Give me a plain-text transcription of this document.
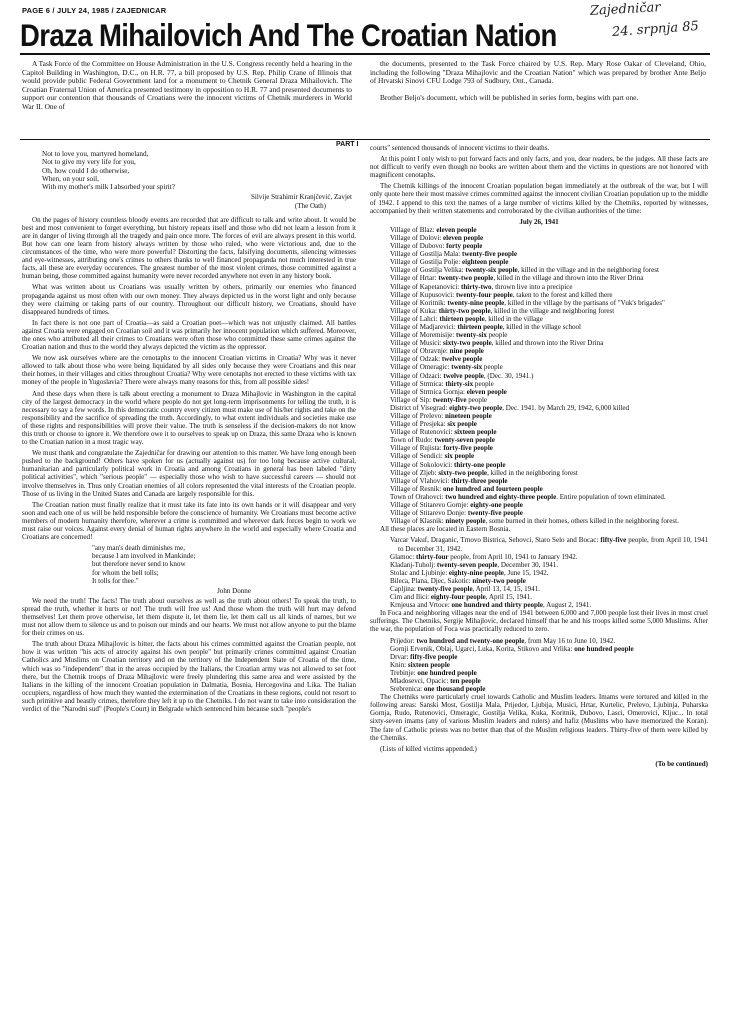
PAGE 6 / JULY 24, 1985 / ZAJEDNICAR	Zajedničar
24. srpnja 85
Draza Mihailovich And The Croatian Nation

A Task Force of the Committee on House Administration in the U.S. Congress recently held a hearing in the Capitol Building in Washington, D.C., on H.R. 77, a bill proposed by U.S. Rep. Philip Crane of Illinois that would provide public Federal Government land for a monument to Chetnik General Draza Mihailovich. The Croatian Fraternal Union of America presented testimony in opposition to H.R. 77 and presented documents to support our contention that thousands of Croatians were the innocent victims of Chetnik murderers in World War II. One of

the documents, presented to the Task Force chaired by U.S. Rep. Mary Rose Oakar of Cleveland, Ohio, including the following "Draza Mihajlovic and the Croatian Nation" which was prepared by brother Ante Beljo of Hrvatski Sinovi CFU Lodge 793 of Sudbury, Ont., Canada.

Brother Beljo's document, which will be published in series form, begins with part one.

PART I
Not to love you, martyred homeland,
Not to give my very life for you,
Oh, how could I do otherwise,
When, on your soil,
With my mother's milk I absorbed your spirit?
Silvije Strahimir Kranjčević, Zavjet
(The Oath)

On the pages of history countless bloody events are recorded that are difficult to talk and write about. It would be best and most convenient to forget everything, but history repeats itself and those who did not learn a lesson from it are in danger of living through all the tragedy and pain once more. The forces of evil are always present in this world. But how can one learn from history always written by those who ruled, who were victorious and, due to the circumstances of the time, who were more powerful? Distorting the facts, falsifying documents, silencing witnesses and eye-witnesses, attributing one's crimes to others thanks to well financed propaganda not much interested in true facts, all these are everyday occurences. The greatest number of the most violent crimes, those committed against a human being, those committed against humanity were never recorded anywhere not even in any history book.

What was written about us Croatians was usually written by others, primarily our enemies who financed propaganda against us most often with our own money. They always depicted us in the worst light and only because they were claiming or taking parts of our country. Throughout our difficult history, we Croatians, should have disappeared hundreds of times.

In fact there is not one part of Croatia—as said a Croatian poet—which was not unjustly claimed. All battles against Croatia were engaged on Croatian soil and it was primarily her innocent population which suffered. Moreover, the ones who attributed all their crimes to Croatians were often those who committed these same crimes against the Croatian nation and thus to the world they always depicted the victim as the oppressor.

We now ask ourselves where are the cenotaphs to the innocent Croatian victims in Croatia? Why was it never allowed to talk about those who were being liquidated by all sides only because they were Croatians and this near their homes, in their villages and cities throughout Croatia? Why were cenotaphs not erected to these victims with tax money of the people in Yugoslavia? There were always many reasons for this, from all possible sides!

And these days when there is talk about erecting a monument to Draza Mihajlovic in Washington in the capital city of the largest democracy in the world where people do not get long-term imprisonments for telling the truth, it is necessary to say a few words. In this democratic country every citizen must make use of his/her rights and take on the responsibility and the sacrifice of spreading the truth. Accordingly, to what extent individuals and societies make use of these rights and responsibilities will prove their value. The truth is senseless if the decision-makers do not know this truth or choose to ignore it. We therefore owe it to ourselves to speak up on Draza, this same Draza who is known to the Croatian nation in a most tragic way.

We must thank and congratulate the Zajedničar for drawing our attention to this matter. We have long enough been pushed to the background! Others have spoken for us (actually against us) for too long because active cultural, humanitarian and particularly political work in Croatia and among Croatians in general has been labeled "dirty political activities", which "serious people" — especially those who wish to have successful careers — should not involve themselves in. Thus only Croatian enemies of all colors represented the vital interests of the Croatian people. Those of us living in the United States and Canada are largely responsible for this.

The Croatian nation must finally realize that it must take its fate into its own hands or it will disappear and very soon and each one of us will be held responsible before the conscience of humanity. We Croatians must become active members of modern humanity therefore, wherever a crime is committed and wherever dark forces begin to work we must raise our voices. Against every denial of human rights anywhere in the world and especially where Croatia and Croatians are concerned!

"any man's death diminishes me,
because I am involved in Mankinde;
but therefore never send to know
for whom the bell tolls;
It tolls for thee."
John Donne

We need the truth! The facts! The truth about ourselves as well as the truth about others! To speak the truth, to spread the truth, whether it hurts or not! The truth will free us! And those whom the truth will hurt may defend themselves! Let them prove otherwise, let them dispute it, let them lie, let them call us all kinds of names, but we must not allow them to silence us and to poison our minds and our hearts. We must not allow anyone to put the blame for their crimes on us.

The truth about Draza Mihajlovic is bitter, the facts about his crimes committed against the Croatian people, not how it was written "his acts of atrocity against his own people" but primarily crimes committed against Croatian Catholics and Muslims on Croatian territory and on the territory of the Independent State of Croatia of the time, which was so "independent" that in the areas occupied by the Italians, the Croatian army was not allowed to set foot there, but the Chetnik troops of Draza Mihajlovic were freely plundering this same area and were assisted by the Italians in the killing of the innocent Croatian population in Dalmatia, Bosnia, Hercegovina and Lika. The Italian occupiers, regardless of how much they wanted the extermination of the Croatians in these regions, could not resort to such primitive and beastly crimes, therefore they left it up to the Chetniks. I do not want to take into consideration the verdict of the "Narodni sud" (People's Court) in Belgrade which sentenced him because such "people's

courts" sentenced thousands of innocent victims to their deaths.

At this point I only wish to put forward facts and only facts, and you, dear readers, be the judges. All these facts are not difficult to verify even though no books are written about them and the victims in questions are not honored with magnificent cenotaphs.

The Chetnik killings of the innocent Croatian population began immediately at the outbreak of the war, but I will only quote here their most massive crimes committed against the innocent civilian Croatian population up to the middle of 1942. I append to this text the names of a large number of victims killed by the Chetniks, reported by witnesses, accompanied by their written statements and corroborated by the civilian authorities of the time:

July 26, 1941
Village of Blaz: eleven people
Village of Dolovi: eleven people
Village of Dubovo: forty people
Village of Gostilja Mala: twenty-five people
Village of Gostilja Polje: eighteen people
Village of Gostilja Velika: twenty-six people, killed in the village and in the neighboring forest
Village of Hrtar: twenty-two people, killed in the village and thrown into the River Drina
Village of Kapetanovici: thirty-two, thrown live into a precipice
Village of Kupusovici: twenty-four people, taken to the forest and killed there
Village of Koritnik: twenty-nine people, killed in the village by the partisans of "Vuk's brigades"
Village of Kuka: thirty-two people, killed in the village and neighboring forest
Village of Lahci: thirteen people, killed in the village
Village of Madjarevici: thirteen people, killed in the village school
Village of Moremisije: twenty-six people
Village of Musici: sixty-two people, killed and thrown into the River Drina
Village of Obravnje: nine people
Village of Odzak: twelve people
Village of Omeragic: twenty-six people
Village of Odzaci: twelve people, (Dec. 30, 1941.)
Village of Strmica: thirty-six people
Village of Strmica Gornja: eleven people
Village of Sip: twenty-five people
District of Visegrad: eighty-two people, Dec. 1941. by March 29, 1942, 6,000 killed
Village of Prelevo: nineteen people
Village of Presjeka: six people
Village of Rutenovici: sixteen people
Town of Rudo: twenty-seven people
Village of Rujista: forty-five people
Village of Sendici: six people
Village of Sokolovici: thirty-one people
Village of Zljeb: sixty-two people, killed in the neighboring forest
Village of Vlahovici: thirty-three people
Village of Resnik: one hundred and fourteen people
Town of Orahovci: two hundred and eighty-three people. Entire population of town eliminated.
Village of Stitarevo Gornje: eighty-one people
Village of Stitarevo Donje: twenty-five people
Village of Klasnik: ninety people, some burned in their homes, others killed in the neighboring forest.

All these places are located in Eastern Bosnia.

Varcar Vakuf, Draganic, Trnovo Bistrica, Sehovci, Staro Selo and Bocac: fifty-five people, from April 10, 1941 to December 31, 1942.
Glamoc: thirty-four people, from April 10, 1941 to January 1942.
Kladanj-Tuholj: twenty-seven people, December 30, 1941.
Stolac and Ljubinje: eighty-nine people, June 15, 1942.
Bileca, Plana, Djec, Sakotic: ninety-two people
Capljina: twenty-five people, April 13, 14, 15, 1941.
Cim and Ilici: eighty-four people, April 15, 1941.
Krnjeusa and Vrtoce: one hundred and thirty people, August 2, 1941.

In Foca and neighboring villages near the end of 1941 between 6,000 and 7,000 people lost their lives in most cruel sufferings. The Chetniks, Sergije Mihajlovic, declared himself that he and his troops killed some 5,000 Muslims. After the war, the population of Foca was practically reduced to zero.

Prijedor: two hundred and twenty-one people, from May 16 to June 10, 1942.
Gornji Ervenik, Oblaj, Ugarci, Luka, Korita, Stikovo and Vrlika: one hundred people
Drvar: fifty-five people
Knin: sixteen people
Trebinje: one hundred people
Mladosevci, Opacic: ten people
Srebrenica: one thousand people

The Chetniks were particularly cruel towards Catholic and Muslim leaders. Imams were tortured and killed in the following areas: Sanski Most, Gostilja Mala, Prijedor, Ljubija, Musici, Hrtar, Kurtelic, Prelevo, Ljubinja, Puharska Gornja, Rudo, Rutenovici, Omeragic, Gostilja Velika, Kuka, Koritnik, Dubovo, Lasci, Omerovici, Kljuc... In total sixty-seven imams (any of various Muslim leaders and rulers) and hafiz (Muslims who have memorized the Koran). The fate of Catholic priests was no better than that of the Muslim religious leaders. Thirty-five of them were killed by the Chetniks.

(Lists of killed victims appended.)

(To be continued)
